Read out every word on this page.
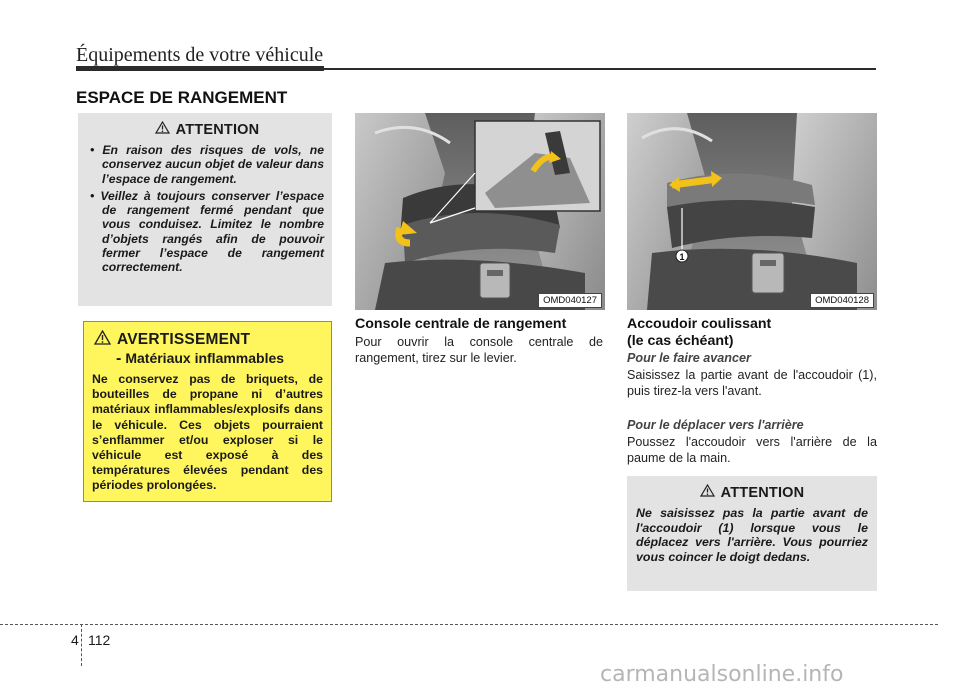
Équipements de votre véhicule
ESPACE DE RANGEMENT
ATTENTION
• En raison des risques de vols, ne conservez aucun objet de valeur dans l’espace de rangement.
• Veillez à toujours conserver l’espace de rangement fermé pendant que vous conduisez. Limitez le nombre d’objets rangés afin de pouvoir fermer l’espace de rangement correctement.
AVERTISSEMENT
- Matériaux inflammables

Ne conservez pas de briquets, de bouteilles de propane ni d’autres matériaux inflammables/explosifs dans le véhicule. Ces objets pourraient s’enflammer et/ou exploser si le véhicule est exposé à des températures élevées pendant des périodes prolongées.

OMD040127
1
OMD040128
Console centrale de rangement
Pour ouvrir la console centrale de rangement, tirez sur le levier.
Accoudoir coulissant
(le cas échéant)
Pour le faire avancer
Saisissez la partie avant de l'accoudoir (1), puis tirez-la vers l'avant.
Pour le déplacer vers l'arrière
Poussez l'accoudoir vers l'arrière de la paume de la main.
ATTENTION

Ne saisissez pas la partie avant de l'accoudoir (1) lorsque vous le déplacez vers l'arrière. Vous pourriez vous coincer le doigt dedans.

4 112
carmanualsonline.info
